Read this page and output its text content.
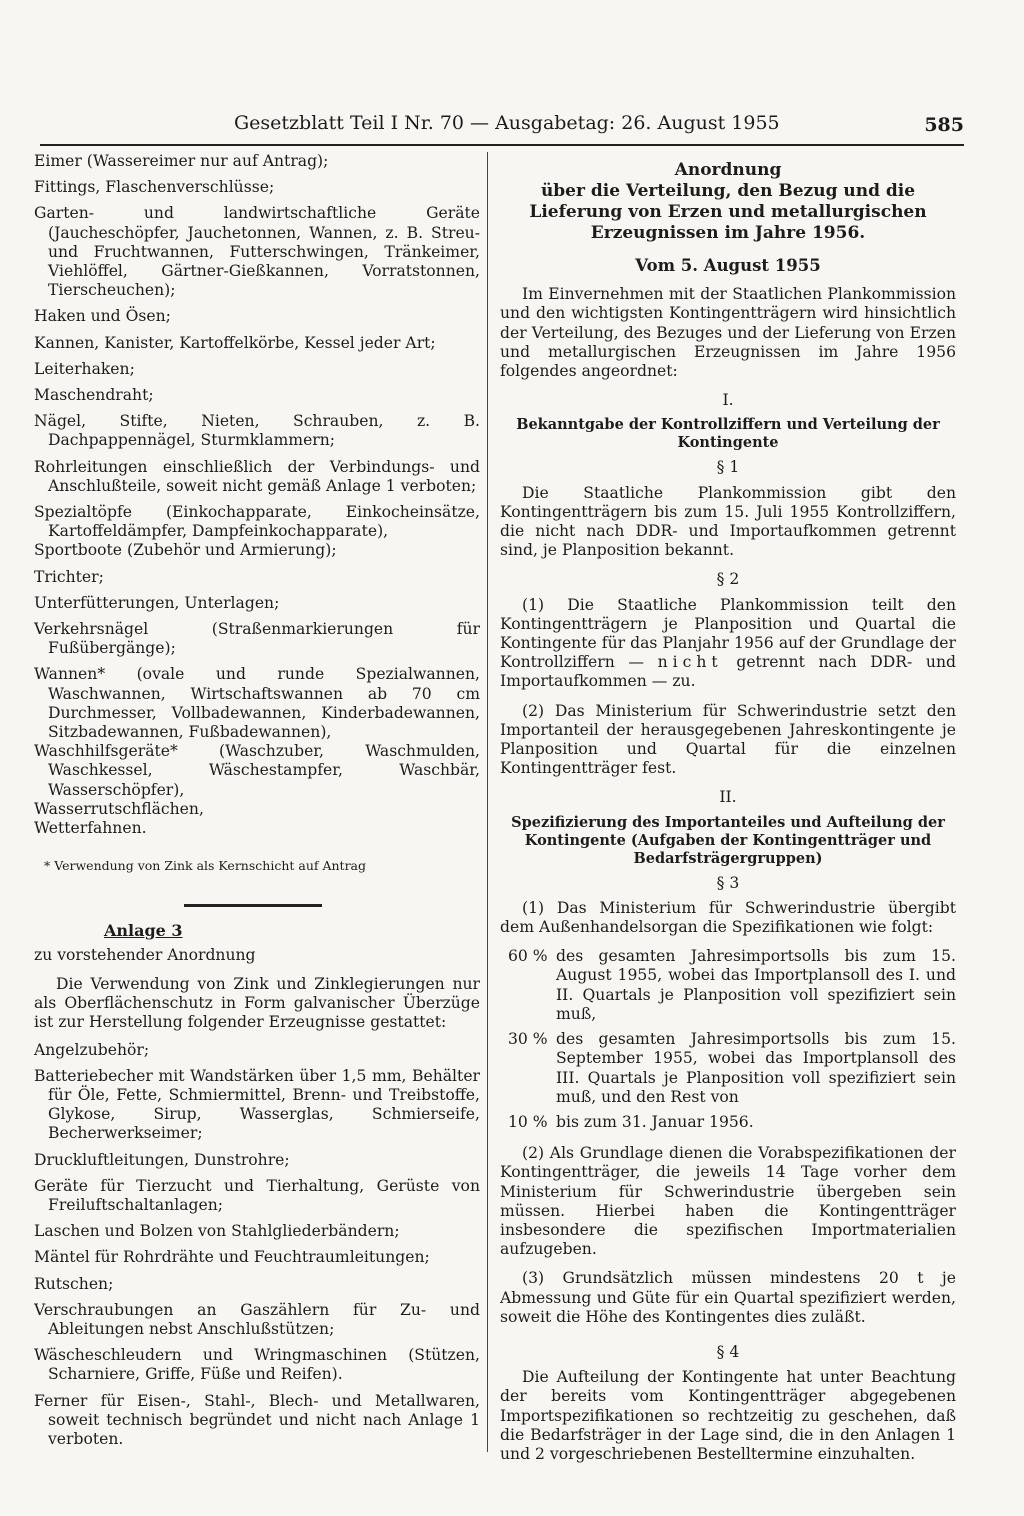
Gesetzblatt Teil I Nr. 70 — Ausgabetag: 26. August 1955	585

Eimer (Wassereimer nur auf Antrag);

Fittings, Flaschenverschlüsse;

Garten- und landwirtschaftliche Geräte (Jaucheschöpfer, Jauchetonnen, Wannen, z. B. Streu- und Fruchtwannen, Futterschwingen, Tränkeimer, Viehlöffel, Gärtner-Gießkannen, Vorratstonnen, Tierscheuchen);

Haken und Ösen;

Kannen, Kanister, Kartoffelkörbe, Kessel jeder Art;

Leiterhaken;

Maschendraht;

Nägel, Stifte, Nieten, Schrauben, z. B. Dachpappennägel, Sturmklammern;

Rohrleitungen einschließlich der Verbindungs- und Anschlußteile, soweit nicht gemäß Anlage 1 verboten;

Spezialtöpfe (Einkochapparate, Einkocheinsätze, Kartoffeldämpfer, Dampfeinkochapparate),

Sportboote (Zubehör und Armierung);

Trichter;

Unterfütterungen, Unterlagen;

Verkehrsnägel (Straßenmarkierungen für Fußübergänge);

Wannen* (ovale und runde Spezialwannen, Waschwannen, Wirtschaftswannen ab 70 cm Durchmesser, Vollbadewannen, Kinderbadewannen, Sitzbadewannen, Fußbadewannen),

Waschhilfsgeräte* (Waschzuber, Waschmulden, Waschkessel, Wäschestampfer, Waschbär, Wasserschöpfer),

Wasserrutschflächen,

Wetterfahnen.

* Verwendung von Zink als Kernschicht auf Antrag

Anlage 3

zu vorstehender Anordnung

Die Verwendung von Zink und Zinklegierungen nur als Oberflächenschutz in Form galvanischer Überzüge ist zur Herstellung folgender Erzeugnisse gestattet:

Angelzubehör;

Batteriebecher mit Wandstärken über 1,5 mm, Behälter für Öle, Fette, Schmiermittel, Brenn- und Treibstoffe, Glykose, Sirup, Wasserglas, Schmierseife, Becherwerkseimer;

Druckluftleitungen, Dunstrohre;

Geräte für Tierzucht und Tierhaltung, Gerüste von Freiluftschaltanlagen;

Laschen und Bolzen von Stahlgliederbändern;

Mäntel für Rohrdrähte und Feuchtraumleitungen;

Rutschen;

Verschraubungen an Gaszählern für Zu- und Ableitungen nebst Anschlußstützen;

Wäscheschleudern und Wringmaschinen (Stützen, Scharniere, Griffe, Füße und Reifen).

Ferner für Eisen-, Stahl-, Blech- und Metallwaren, soweit technisch begründet und nicht nach Anlage 1 verboten.

Anordnung

über die Verteilung, den Bezug und die Lieferung von Erzen und metallurgischen Erzeugnissen im Jahre 1956.

Vom 5. August 1955

Im Einvernehmen mit der Staatlichen Plankommission und den wichtigsten Kontingentträgern wird hinsichtlich der Verteilung, des Bezuges und der Lieferung von Erzen und metallurgischen Erzeugnissen im Jahre 1956 folgendes angeordnet:

I.

Bekanntgabe der Kontrollziffern und Verteilung der Kontingente

§ 1

Die Staatliche Plankommission gibt den Kontingentträgern bis zum 15. Juli 1955 Kontrollziffern, die nicht nach DDR- und Importaufkommen getrennt sind, je Planposition bekannt.

§ 2

(1) Die Staatliche Plankommission teilt den Kontingentträgern je Planposition und Quartal die Kontingente für das Planjahr 1956 auf der Grundlage der Kontrollziffern — nicht getrennt nach DDR- und Importaufkommen — zu.

(2) Das Ministerium für Schwerindustrie setzt den Importanteil der herausgegebenen Jahreskontingente je Planposition und Quartal für die einzelnen Kontingentträger fest.

II.

Spezifizierung des Importanteiles und Aufteilung der Kontingente (Aufgaben der Kontingentträger und Bedarfsträgergruppen)

§ 3

(1) Das Ministerium für Schwerindustrie übergibt dem Außenhandelsorgan die Spezifikationen wie folgt:

60 % des gesamten Jahresimportsolls bis zum 15. August 1955, wobei das Importplansoll des I. und II. Quartals je Planposition voll spezifiziert sein muß,
30 % des gesamten Jahresimportsolls bis zum 15. September 1955, wobei das Importplansoll des III. Quartals je Planposition voll spezifiziert sein muß, und den Rest von
10 % bis zum 31. Januar 1956.

(2) Als Grundlage dienen die Vorabspezifikationen der Kontingentträger, die jeweils 14 Tage vorher dem Ministerium für Schwerindustrie übergeben sein müssen. Hierbei haben die Kontingentträger insbesondere die spezifischen Importmaterialien aufzugeben.

(3) Grundsätzlich müssen mindestens 20 t je Abmessung und Güte für ein Quartal spezifiziert werden, soweit die Höhe des Kontingentes dies zuläßt.

§ 4

Die Aufteilung der Kontingente hat unter Beachtung der bereits vom Kontingentträger abgegebenen Importspezifikationen so rechtzeitig zu geschehen, daß die Bedarfsträger in der Lage sind, die in den Anlagen 1 und 2 vorgeschriebenen Bestelltermine einzuhalten.
